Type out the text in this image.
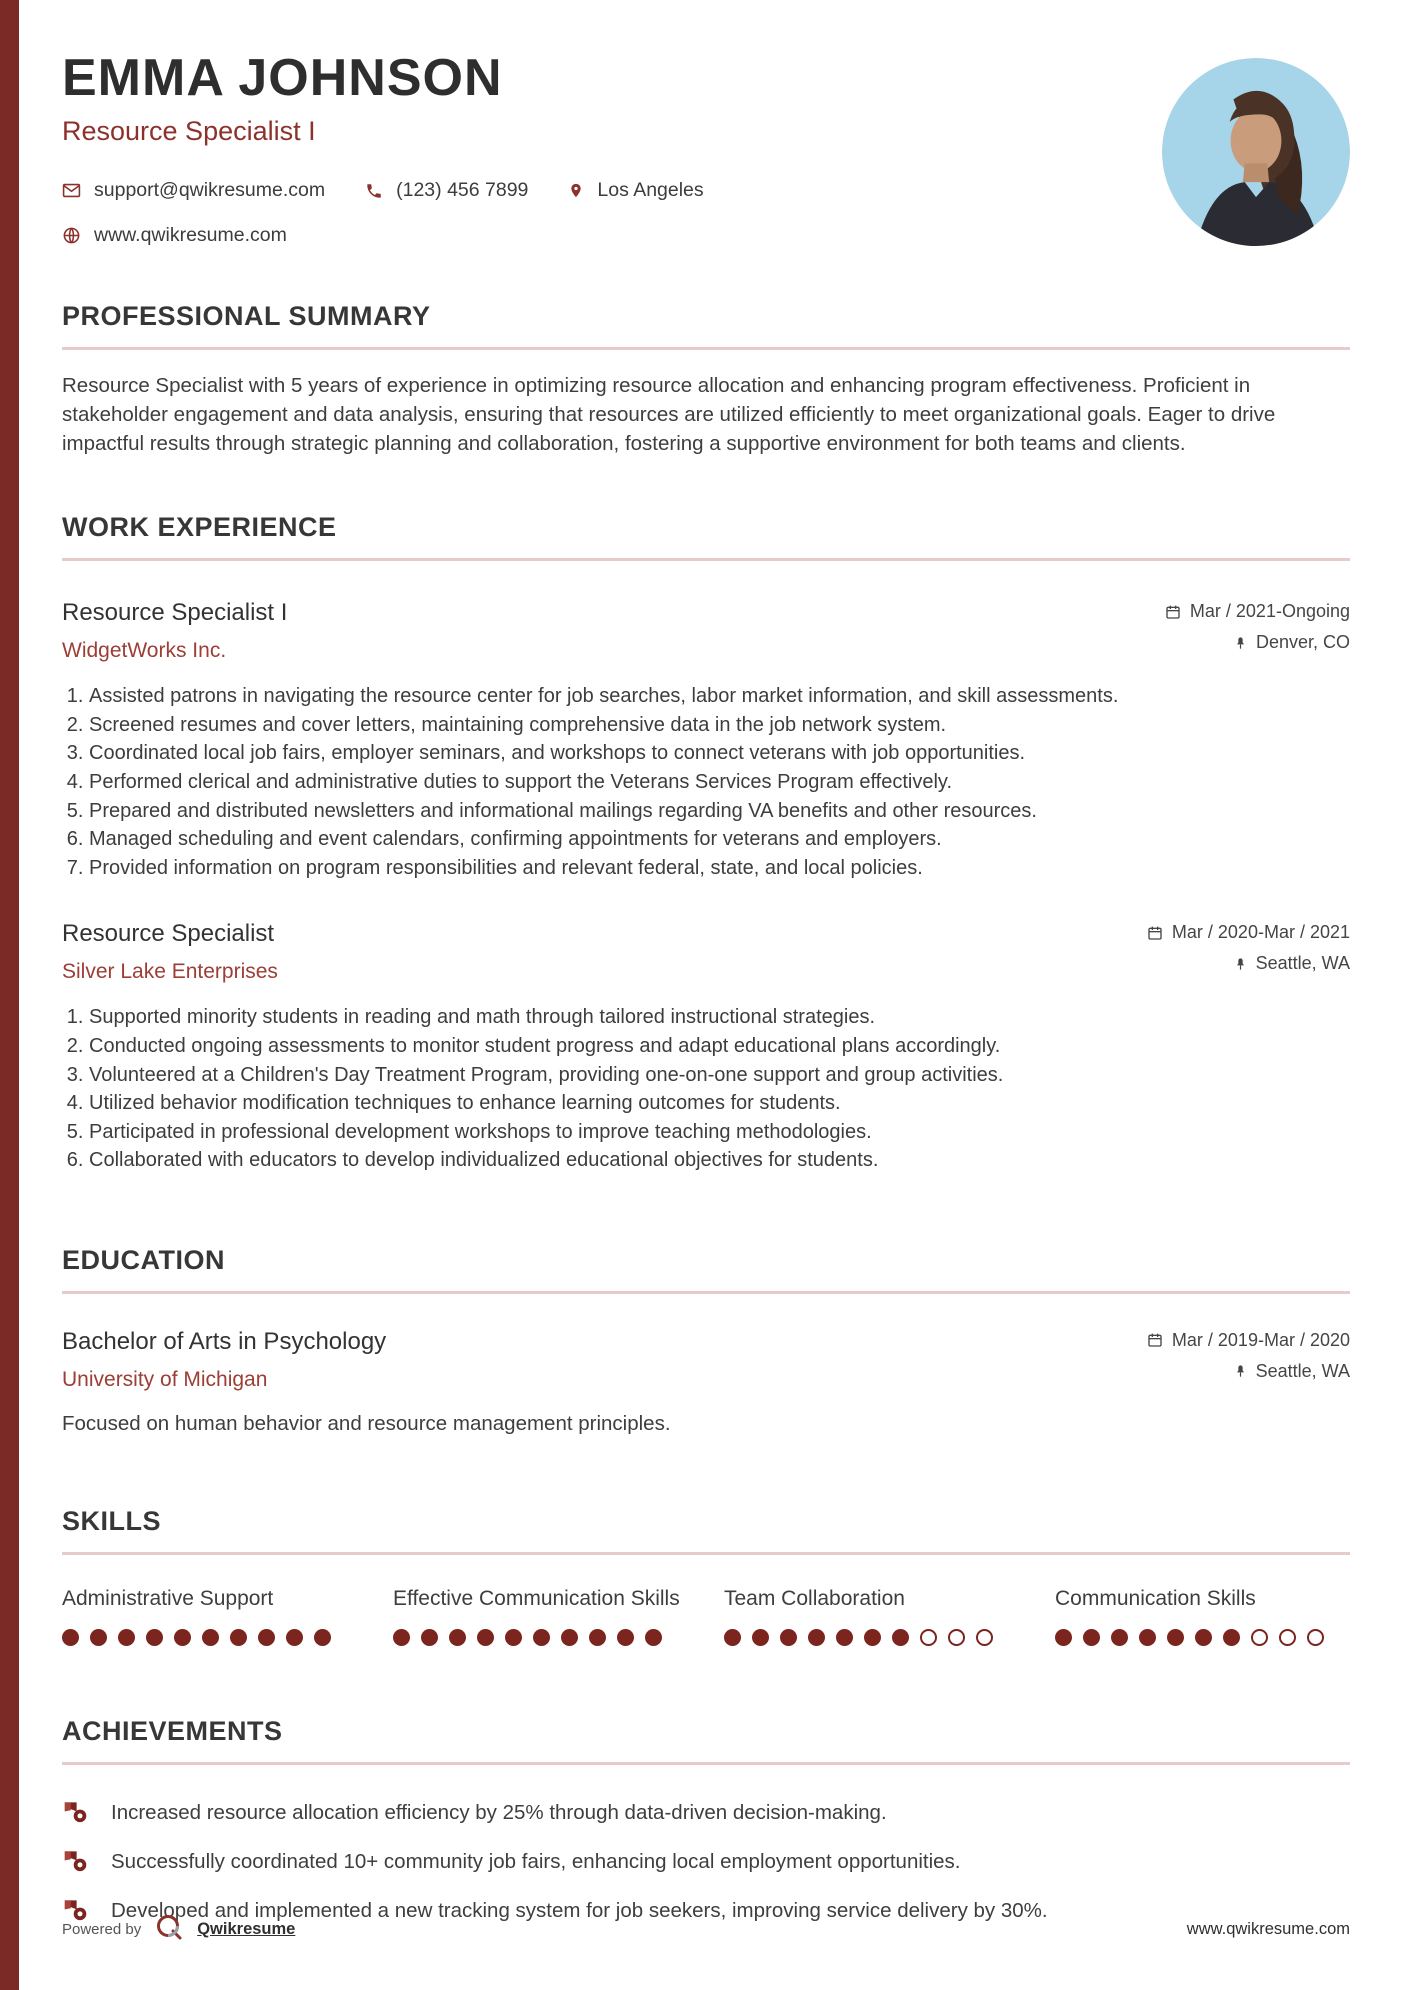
EMMA JOHNSON
Resource Specialist I
support@qwikresume.com	(123) 456 7899	Los Angeles
www.qwikresume.com
PROFESSIONAL SUMMARY

Resource Specialist with 5 years of experience in optimizing resource allocation and enhancing program effectiveness. Proficient in stakeholder engagement and data analysis, ensuring that resources are utilized efficiently to meet organizational goals. Eager to drive impactful results through strategic planning and collaboration, fostering a supportive environment for both teams and clients.

WORK EXPERIENCE
Resource Specialist I
WidgetWorks Inc.
Mar / 2021-Ongoing
Denver, CO
1. Assisted patrons in navigating the resource center for job searches, labor market information, and skill assessments.
2. Screened resumes and cover letters, maintaining comprehensive data in the job network system.
3. Coordinated local job fairs, employer seminars, and workshops to connect veterans with job opportunities.
4. Performed clerical and administrative duties to support the Veterans Services Program effectively.
5. Prepared and distributed newsletters and informational mailings regarding VA benefits and other resources.
6. Managed scheduling and event calendars, confirming appointments for veterans and employers.
7. Provided information on program responsibilities and relevant federal, state, and local policies.
Resource Specialist
Silver Lake Enterprises
Mar / 2020-Mar / 2021
Seattle, WA
1. Supported minority students in reading and math through tailored instructional strategies.
2. Conducted ongoing assessments to monitor student progress and adapt educational plans accordingly.
3. Volunteered at a Children's Day Treatment Program, providing one-on-one support and group activities.
4. Utilized behavior modification techniques to enhance learning outcomes for students.
5. Participated in professional development workshops to improve teaching methodologies.
6. Collaborated with educators to develop individualized educational objectives for students.
EDUCATION
Bachelor of Arts in Psychology
University of Michigan
Mar / 2019-Mar / 2020
Seattle, WA

Focused on human behavior and resource management principles.

SKILLS
Administrative Support	Effective Communication Skills	Team Collaboration	Communication Skills
ACHIEVEMENTS
Increased resource allocation efficiency by 25% through data-driven decision-making.
Successfully coordinated 10+ community job fairs, enhancing local employment opportunities.
Developed and implemented a new tracking system for job seekers, improving service delivery by 30%.
Powered by	Qwikresume	www.qwikresume.com
